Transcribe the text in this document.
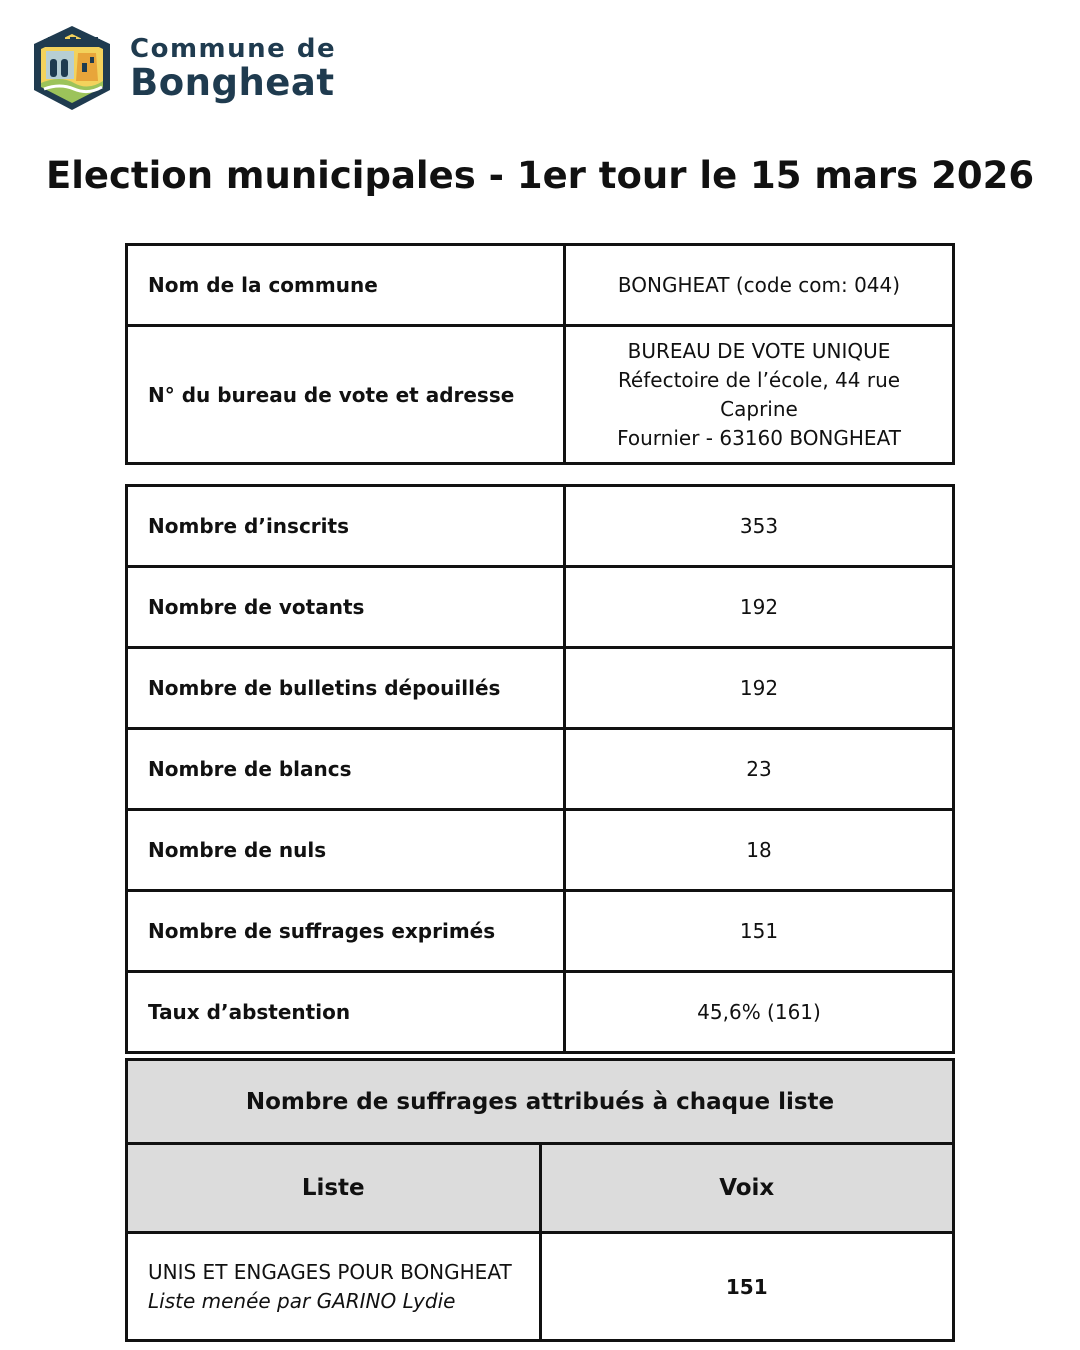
Commune de
Bongheat
Election municipales - 1er tour le 15 mars 2026
Nom de la commune	BONGHEAT (code com: 044)
N° du bureau de vote et adresse	BUREAU DE VOTE UNIQUE
Réfectoire de l’école, 44 rue Caprine
Fournier - 63160 BONGHEAT
Nombre d’inscrits	353
Nombre de votants	192
Nombre de bulletins dépouillés	192
Nombre de blancs	23
Nombre de nuls	18
Nombre de suffrages exprimés	151
Taux d’abstention	45,6% (161)
Nombre de suffrages attribués à chaque liste	
Liste	Voix

UNIS ET ENGAGES POUR BONGHEAT
Liste menée par GARINO Lydie	151
